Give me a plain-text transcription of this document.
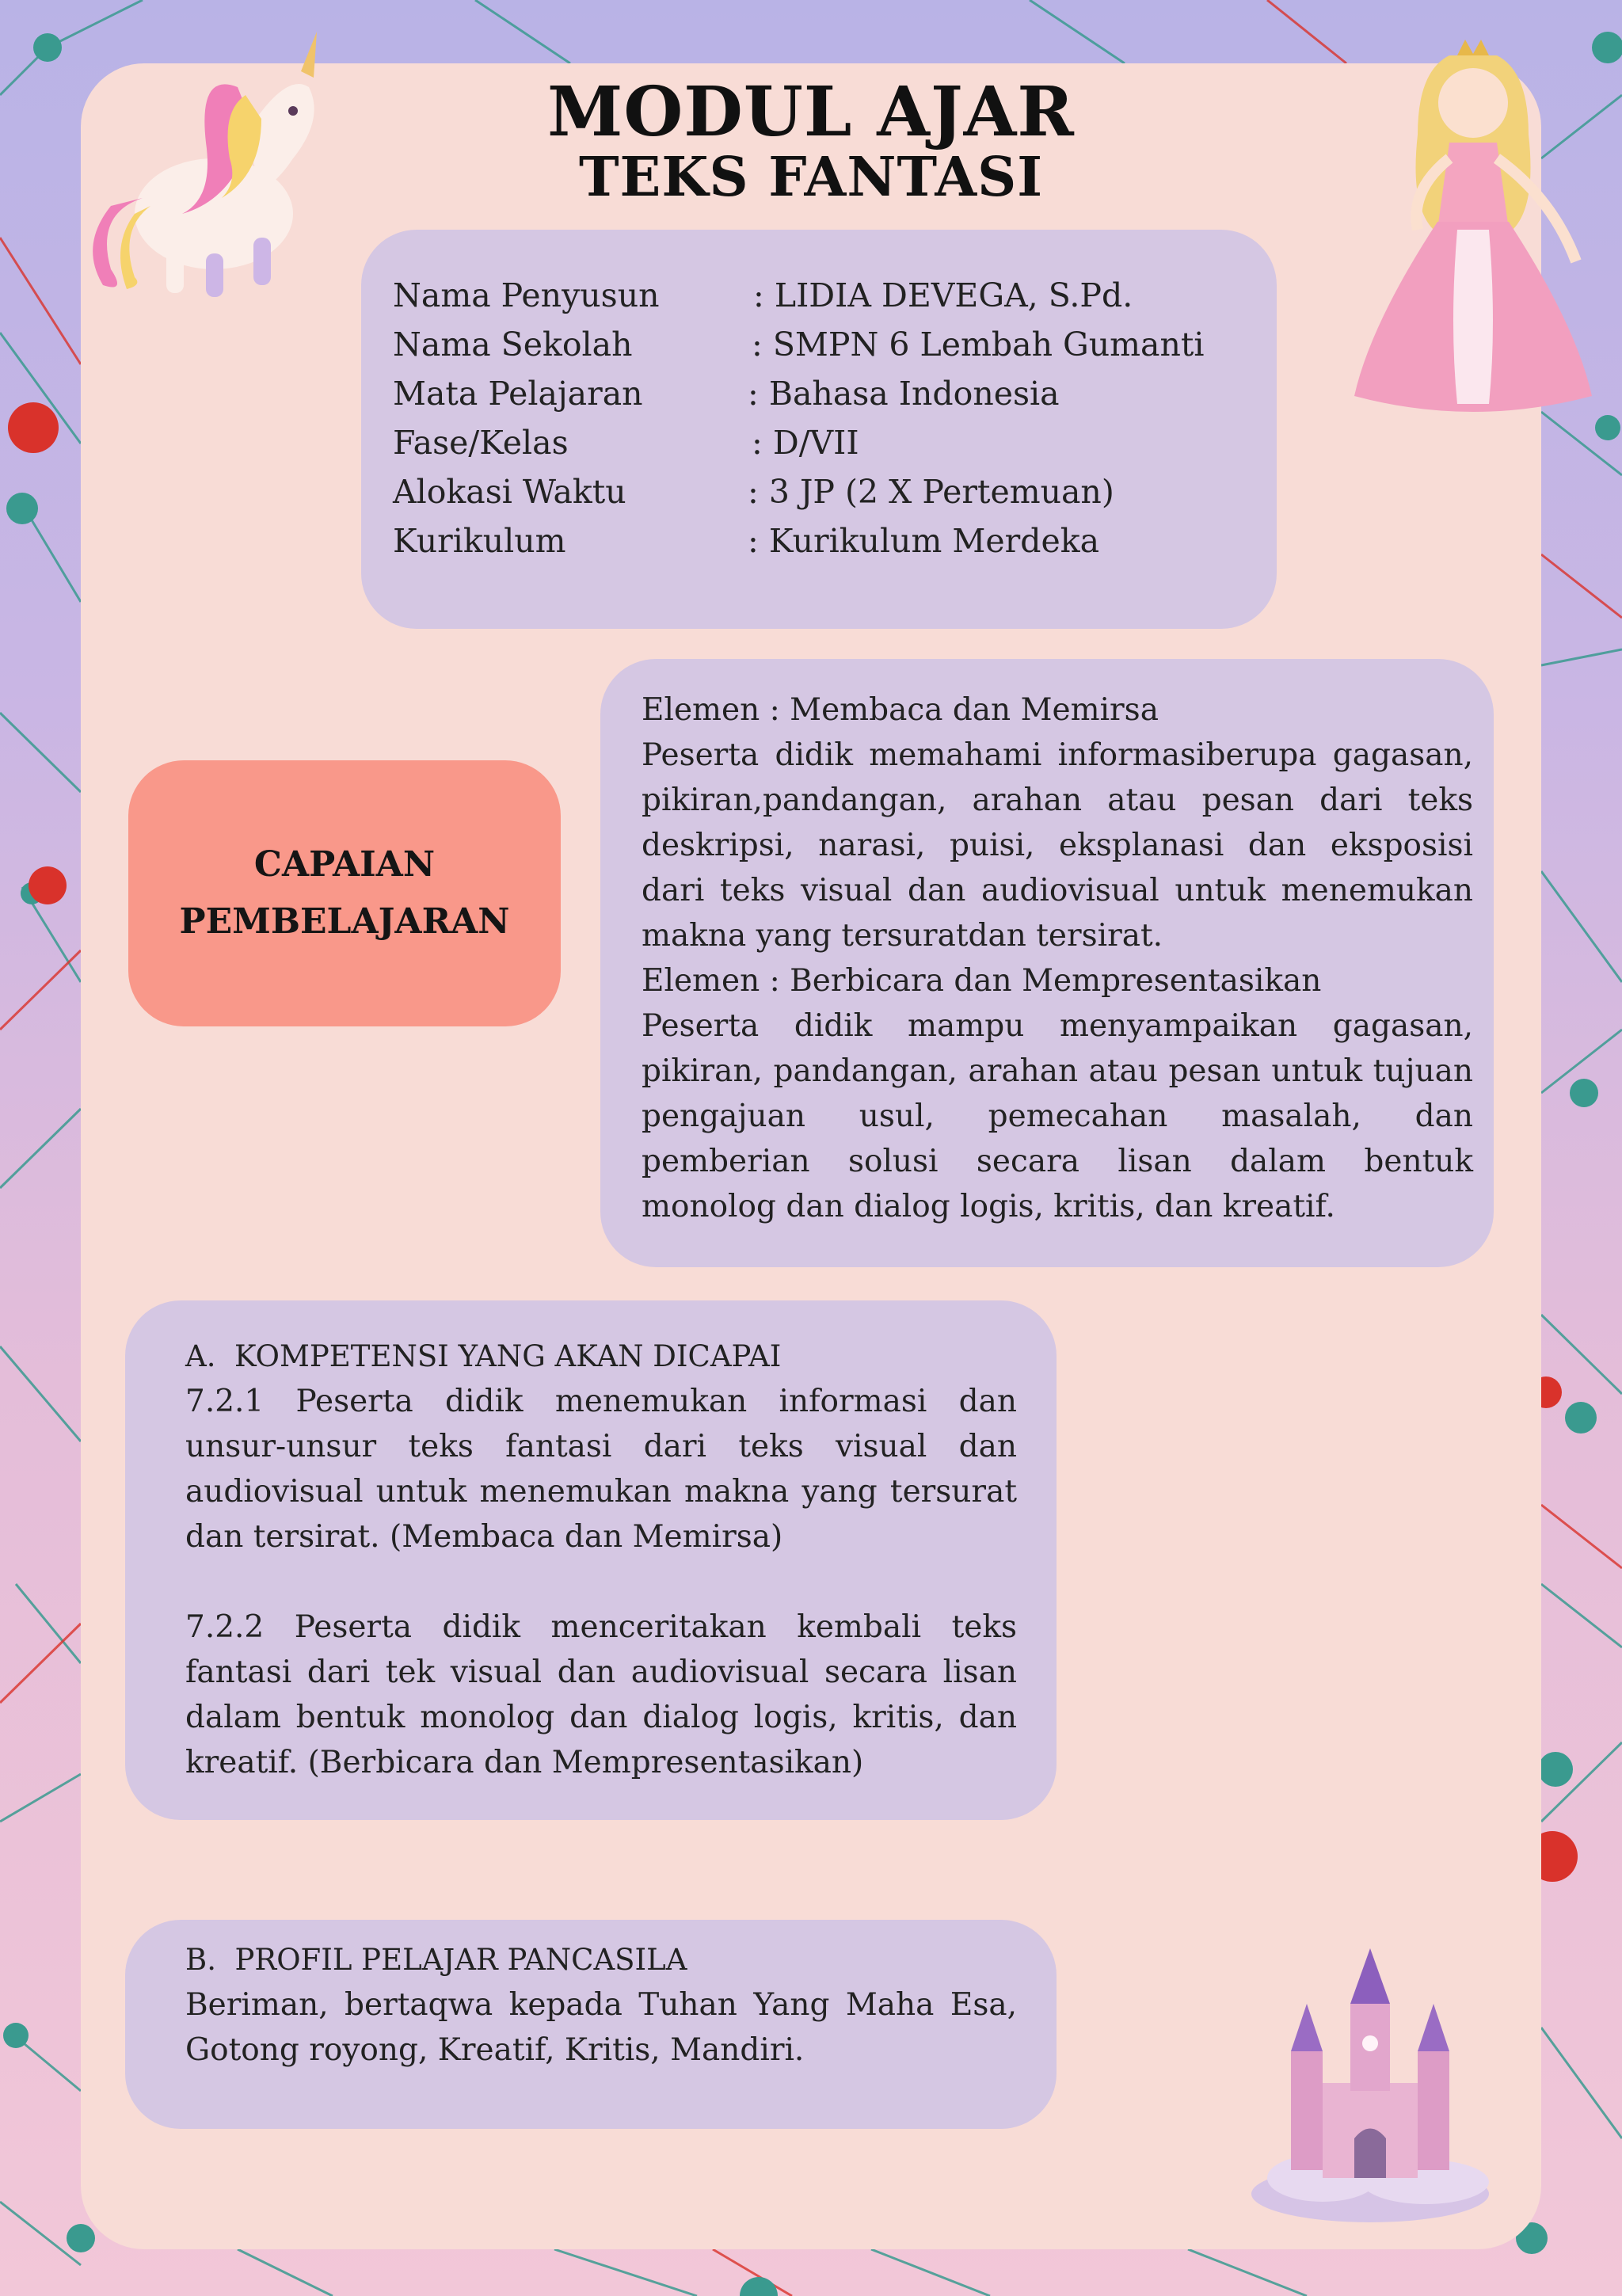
MODUL AJAR
TEKS FANTASI
Nama Penyusun	: LIDIA DEVEGA, S.Pd.
Nama Sekolah	: SMPN 6 Lembah Gumanti
Mata Pelajaran	: Bahasa Indonesia
Fase/Kelas	: D/VII
Alokasi Waktu	: 3 JP (2 X Pertemuan)
Kurikulum	: Kurikulum Merdeka
CAPAIAN
PEMBELAJARAN

Elemen : Membaca dan Memirsa

Peserta didik memahami informasiberupa gagasan, pikiran,pandangan, arahan atau pesan dari teks deskripsi, narasi, puisi, eksplanasi dan eksposisi dari teks visual dan audiovisual untuk menemukan makna yang tersuratdan tersirat.

Elemen : Berbicara dan Mempresentasikan

Peserta didik mampu menyampaikan gagasan, pikiran, pandangan, arahan atau pesan untuk tujuan pengajuan usul, pemecahan masalah, dan pemberian solusi secara lisan dalam bentuk monolog dan dialog logis, kritis, dan kreatif.

A.  KOMPETENSI YANG AKAN DICAPAI

7.2.1 Peserta didik menemukan informasi dan unsur-unsur teks fantasi dari teks visual dan audiovisual untuk menemukan makna yang tersurat dan tersirat. (Membaca dan Memirsa)

7.2.2 Peserta didik menceritakan kembali teks fantasi dari tek visual dan audiovisual secara lisan dalam bentuk monolog dan dialog logis, kritis, dan kreatif. (Berbicara dan Mempresentasikan)

B.  PROFIL PELAJAR PANCASILA

Beriman, bertaqwa kepada Tuhan Yang Maha Esa, Gotong royong, Kreatif, Kritis, Mandiri.
